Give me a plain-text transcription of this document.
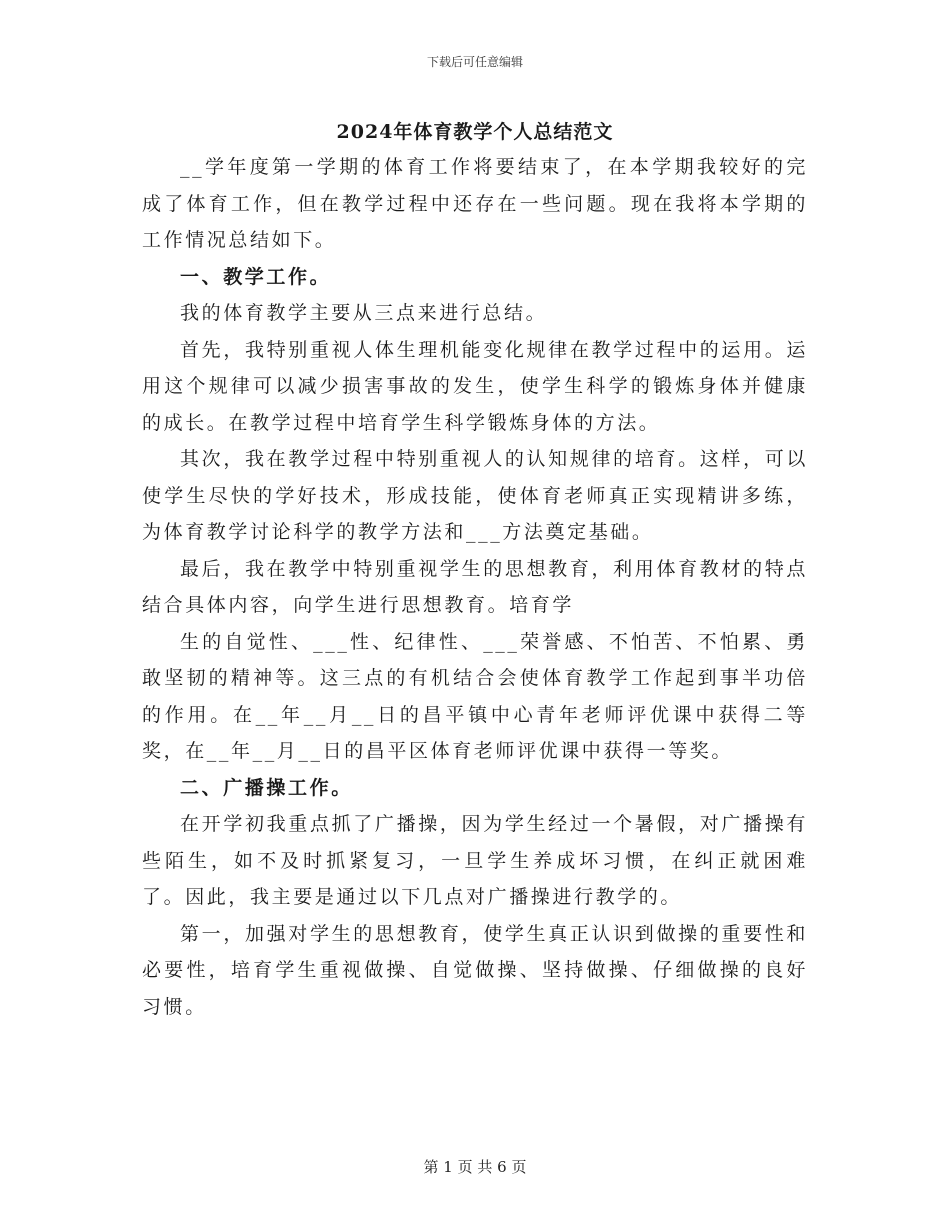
下载后可任意编辑
2024年体育教学个人总结范文

__学年度第一学期的体育工作将要结束了，在本学期我较好的完成了体育工作，但在教学过程中还存在一些问题。现在我将本学期的工作情况总结如下。

一、教学工作。

我的体育教学主要从三点来进行总结。

首先，我特别重视人体生理机能变化规律在教学过程中的运用。运用这个规律可以减少损害事故的发生，使学生科学的锻炼身体并健康的成长。在教学过程中培育学生科学锻炼身体的方法。

其次，我在教学过程中特别重视人的认知规律的培育。这样，可以使学生尽快的学好技术，形成技能，使体育老师真正实现精讲多练，为体育教学讨论科学的教学方法和___方法奠定基础。

最后，我在教学中特别重视学生的思想教育，利用体育教材的特点结合具体内容，向学生进行思想教育。培育学

生的自觉性、___性、纪律性、___荣誉感、不怕苦、不怕累、勇敢坚韧的精神等。这三点的有机结合会使体育教学工作起到事半功倍的作用。在__年__月__日的昌平镇中心青年老师评优课中获得二等奖，在__年__月__日的昌平区体育老师评优课中获得一等奖。

二、广播操工作。

在开学初我重点抓了广播操，因为学生经过一个暑假，对广播操有些陌生，如不及时抓紧复习，一旦学生养成坏习惯，在纠正就困难了。因此，我主要是通过以下几点对广播操进行教学的。

第一，加强对学生的思想教育，使学生真正认识到做操的重要性和必要性，培育学生重视做操、自觉做操、坚持做操、仔细做操的良好习惯。

第 1 页 共 6 页
